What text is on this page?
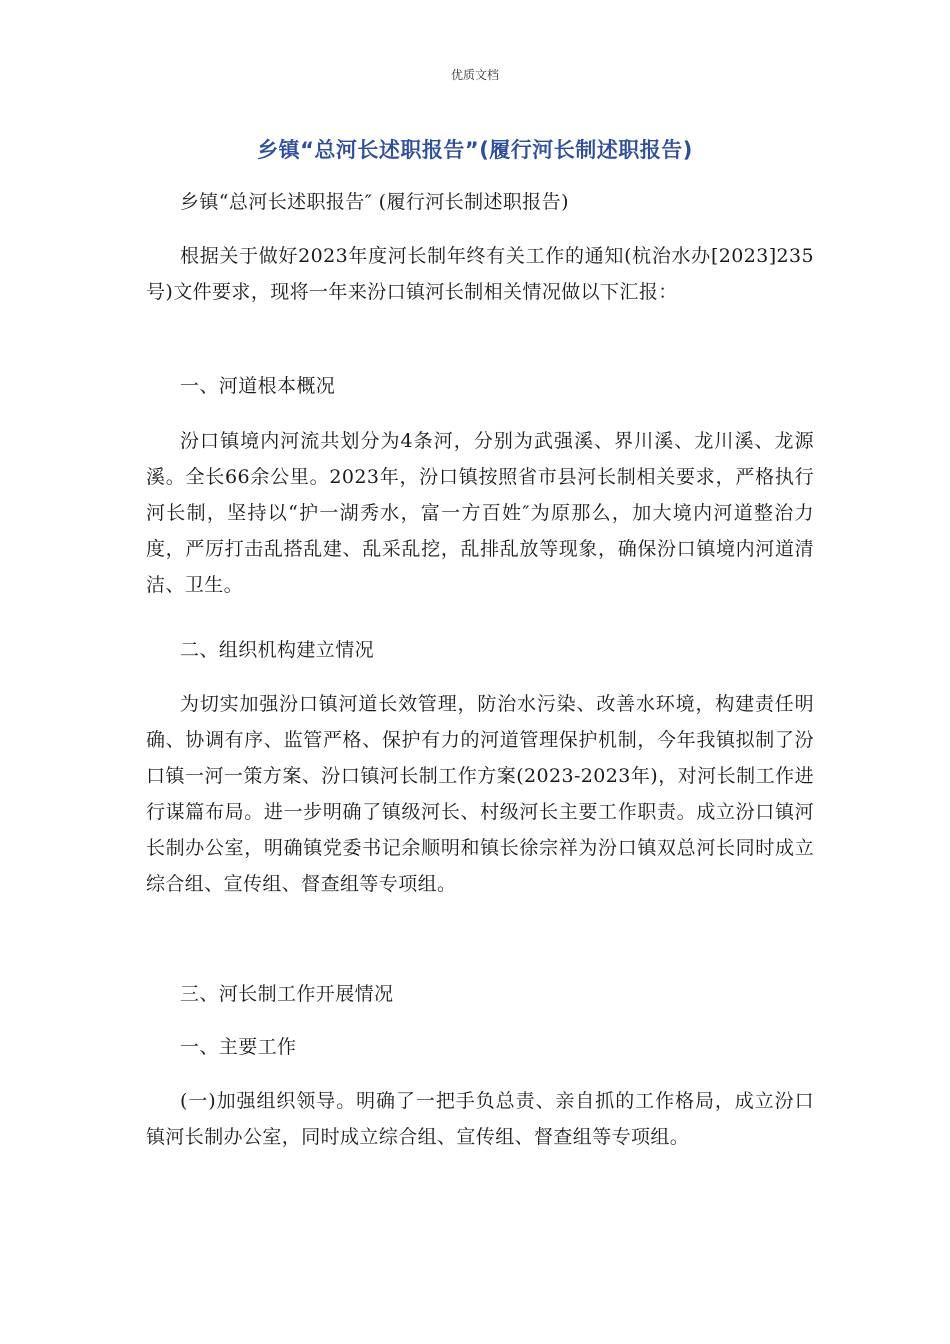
优质文档
乡镇“总河长述职报告”(履行河长制述职报告)

乡镇“总河长述职报告″ (履行河长制述职报告)

根据关于做好2023年度河长制年终有关工作的通知(杭治水办[2023]235号)文件要求，现将一年来汾口镇河长制相关情况做以下汇报：

一、河道根本概况

汾口镇境内河流共划分为4条河，分别为武强溪、界川溪、龙川溪、龙源溪。全长66余公里。2023年，汾口镇按照省市县河长制相关要求，严格执行河长制，坚持以“护一湖秀水，富一方百姓″为原那么，加大境内河道整治力度，严厉打击乱搭乱建、乱采乱挖，乱排乱放等现象，确保汾口镇境内河道清洁、卫生。

二、组织机构建立情况

为切实加强汾口镇河道长效管理，防治水污染、改善水环境，构建责任明确、协调有序、监管严格、保护有力的河道管理保护机制，今年我镇拟制了汾口镇一河一策方案、汾口镇河长制工作方案(2023-2023年)，对河长制工作进行谋篇布局。进一步明确了镇级河长、村级河长主要工作职责。成立汾口镇河长制办公室，明确镇党委书记余顺明和镇长徐宗祥为汾口镇双总河长同时成立综合组、宣传组、督查组等专项组。

三、河长制工作开展情况

一、主要工作

(一)加强组织领导。明确了一把手负总责、亲自抓的工作格局，成立汾口镇河长制办公室，同时成立综合组、宣传组、督查组等专项组。
